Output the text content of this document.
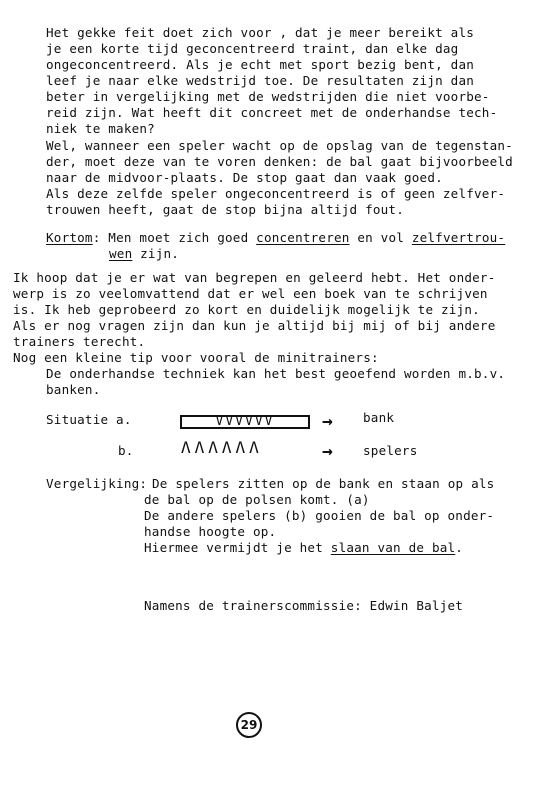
Het gekke feit doet zich voor , dat je meer bereikt als
je een korte tijd geconcentreerd traint, dan elke dag
ongeconcentreerd. Als je echt met sport bezig bent, dan
leef je naar elke wedstrijd toe. De resultaten zijn dan
beter in vergelijking met de wedstrijden die niet voorbe-
reid zijn. Wat heeft dit concreet met de onderhandse tech-
niek te maken?
Wel, wanneer een speler wacht op de opslag van de tegenstan-
der, moet deze van te voren denken: de bal gaat bijvoorbeeld
naar de midvoor-plaats. De stop gaat dan vaak goed.
Als deze zelfde speler ongeconcentreerd is of geen zelfver-
trouwen heeft, gaat de stop bijna altijd fout.
Kortom: Men moet zich goed concentreren en vol zelfvertrou-
wen zijn.
Ik hoop dat je er wat van begrepen en geleerd hebt. Het onder-
werp is zo veelomvattend dat er wel een boek van te schrijven
is. Ik heb geprobeerd zo kort en duidelijk mogelijk te zijn.
Als er nog vragen zijn dan kun je altijd bij mij of bij andere
trainers terecht.
Nog een kleine tip voor vooral de minitrainers:
De onderhandse techniek kan het best geoefend worden m.b.v.
banken.
Situatie a.	VVVVVV	→ bank
b.	ΛΛΛΛΛΛ	→ spelers
Vergelijking: De spelers zitten op de bank en staan op als
de bal op de polsen komt. (a)
De andere spelers (b) gooien de bal op onder-
handse hoogte op.
Hiermee vermijdt je het slaan van de bal.
Namens de trainerscommissie: Edwin Baljet
29
